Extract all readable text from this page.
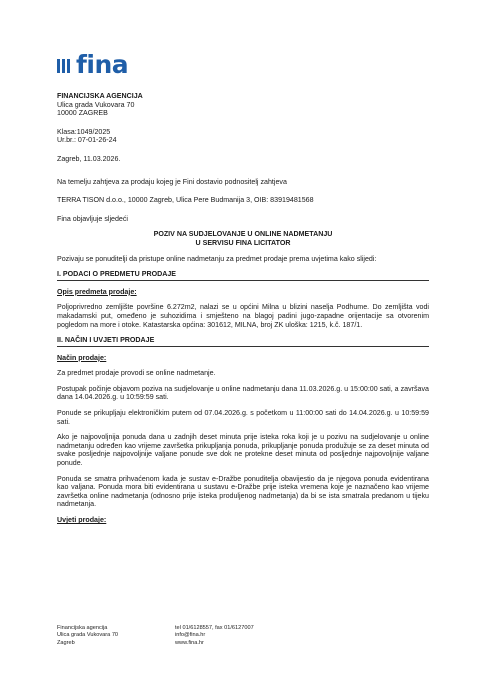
fina
FINANCIJSKA AGENCIJA
Ulica grada Vukovara 70
10000 ZAGREB
Klasa:1049/2025
Ur.br.: 07-01-26-24
Zagreb, 11.03.2026.
Na temelju zahtjeva za prodaju kojeg je Fini dostavio podnositelj zahtjeva
TERRA TISON d.o.o., 10000 Zagreb, Ulica Pere Budmanija 3, OIB: 83919481568
Fina objavljuje sljedeći
POZIV NA SUDJELOVANJE U ONLINE NADMETANJU
U SERVISU FINA LICITATOR
Pozivaju se ponuditelji da pristupe online nadmetanju za predmet prodaje prema uvjetima kako slijedi:
I. PODACI O PREDMETU PRODAJE
Opis predmeta prodaje:
Poljoprivredno zemljište površine 6.272m2, nalazi se u općini Milna u blizini naselja Podhume. Do zemljišta vodi makadamski put, omeđeno je suhozidima i smješteno na blagoj padini jugo-zapadne orijentacije sa otvorenim pogledom na more i otoke. Katastarska općina: 301612, MILNA, broj ZK uloška: 1215, k.č. 187/1.
II. NAČIN I UVJETI PRODAJE
Način prodaje:
Za predmet prodaje provodi se online nadmetanje.
Postupak počinje objavom poziva na sudjelovanje u online nadmetanju dana 11.03.2026.g. u 15:00:00 sati, a završava dana 14.04.2026.g. u 10:59:59 sati.
Ponude se prikupljaju elektroničkim putem od 07.04.2026.g. s početkom u 11:00:00 sati do 14.04.2026.g. u 10:59:59 sati.
Ako je najpovoljnija ponuda dana u zadnjih deset minuta prije isteka roka koji je u pozivu na sudjelovanje u online nadmetanju određen kao vrijeme završetka prikupljanja ponuda, prikupljanje ponuda produžuje se za deset minuta od svake posljednje najpovoljnije valjane ponude sve dok ne protekne deset minuta od posljednje najpovoljnije valjane ponude.
Ponuda se smatra prihvaćenom kada je sustav e-Dražbe ponuditelja obavijestio da je njegova ponuda evidentirana kao valjana. Ponuda mora biti evidentirana u sustavu e-Dražbe prije isteka vremena koje je naznačeno kao vrijeme završetka online nadmetanja (odnosno prije isteka produljenog nadmetanja) da bi se ista smatrala predanom u tijeku nadmetanja.
Uvjeti prodaje:
Financijska agencija
Ulica grada Vukovara 70
Zagreb
tel 01/6128557, fax 01/6127007
info@fina.hr
www.fina.hr
